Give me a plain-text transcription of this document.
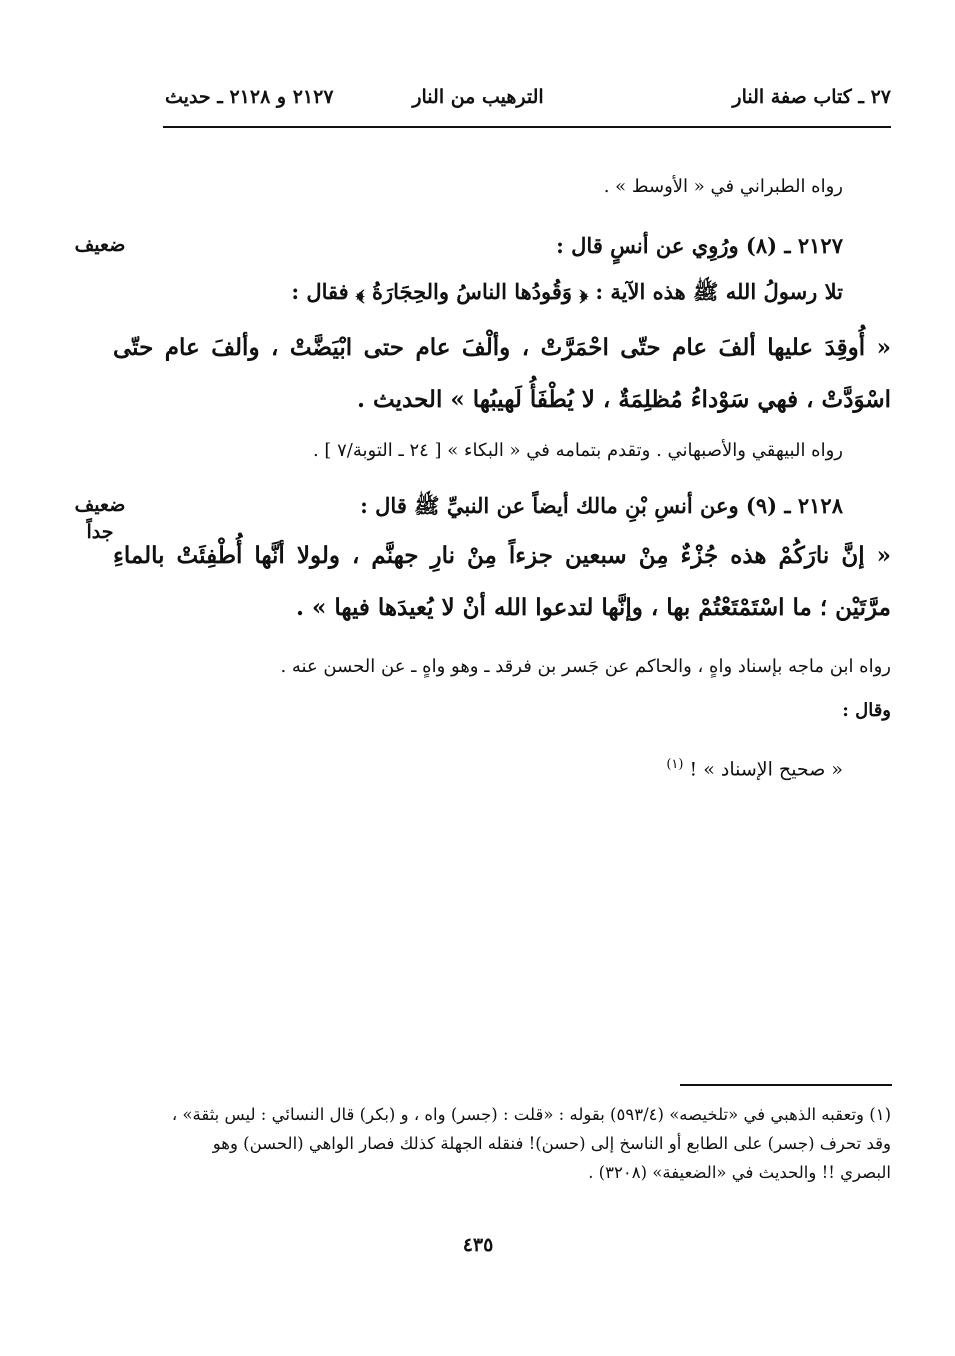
٢٧ ـ كتاب صفة النار
الترهيب من النار
٢١٢٧ و ٢١٢٨ ـ حديث
رواه الطبراني في « الأوسط » .
٢١٢٧ ـ (٨) ورُوِي عن أنسٍ قال :
ضعيف
تلا رسولُ الله ﷺ هذه الآية : ﴿ وَقُودُها الناسُ والحِجَارَةُ ﴾ فقال :
« أُوقِدَ عليها ألفَ عام حتّى احْمَرَّتْ ، وألْفَ عام حتى ابْيَضَّتْ ، وألفَ عام حتّى اسْوَدَّتْ ، فهي سَوْداءُ مُظلِمَةٌ ، لا يُطْفَأُ لَهيبُها » الحديث .
رواه البيهقي والأصبهاني . وتقدم بتمامه في « البكاء » [ ٢٤ ـ التوبة/٧ ] .
٢١٢٨ ـ (٩) وعن أنسِ بْنِ مالك أيضاً عن النبيِّ ﷺ قال :
ضعيف
جداً
« إنَّ نارَكُمْ هذه جُزْءٌ مِنْ سبعين جزءاً مِنْ نارِ جهنَّم ، ولولا أنَّها أُطْفِئَتْ بالماءِ مرَّتَيْن ؛ ما اسْتَمْتَعْتُمْ بها ، وإنَّها لتدعوا الله أنْ لا يُعيدَها فيها » .
رواه ابن ماجه بإسناد واهٍ ، والحاكم عن جَسر بن فرقد ـ وهو واهٍ ـ عن الحسن عنه .
وقال :
« صحيح الإسناد » ! $^{(١)}$
(١) وتعقبه الذهبي في «تلخيصه» (٥٩٣/٤) بقوله : «قلت : (جسر) واه ، و (بكر) قال النسائي : ليس بثقة» ، وقد تحرف (جسر) على الطابع أو الناسخ إلى (حسن)! فنقله الجهلة كذلك فصار الواهي (الحسن) وهو البصري !! والحديث في «الضعيفة» (٣٢٠٨) .
٤٣٥
